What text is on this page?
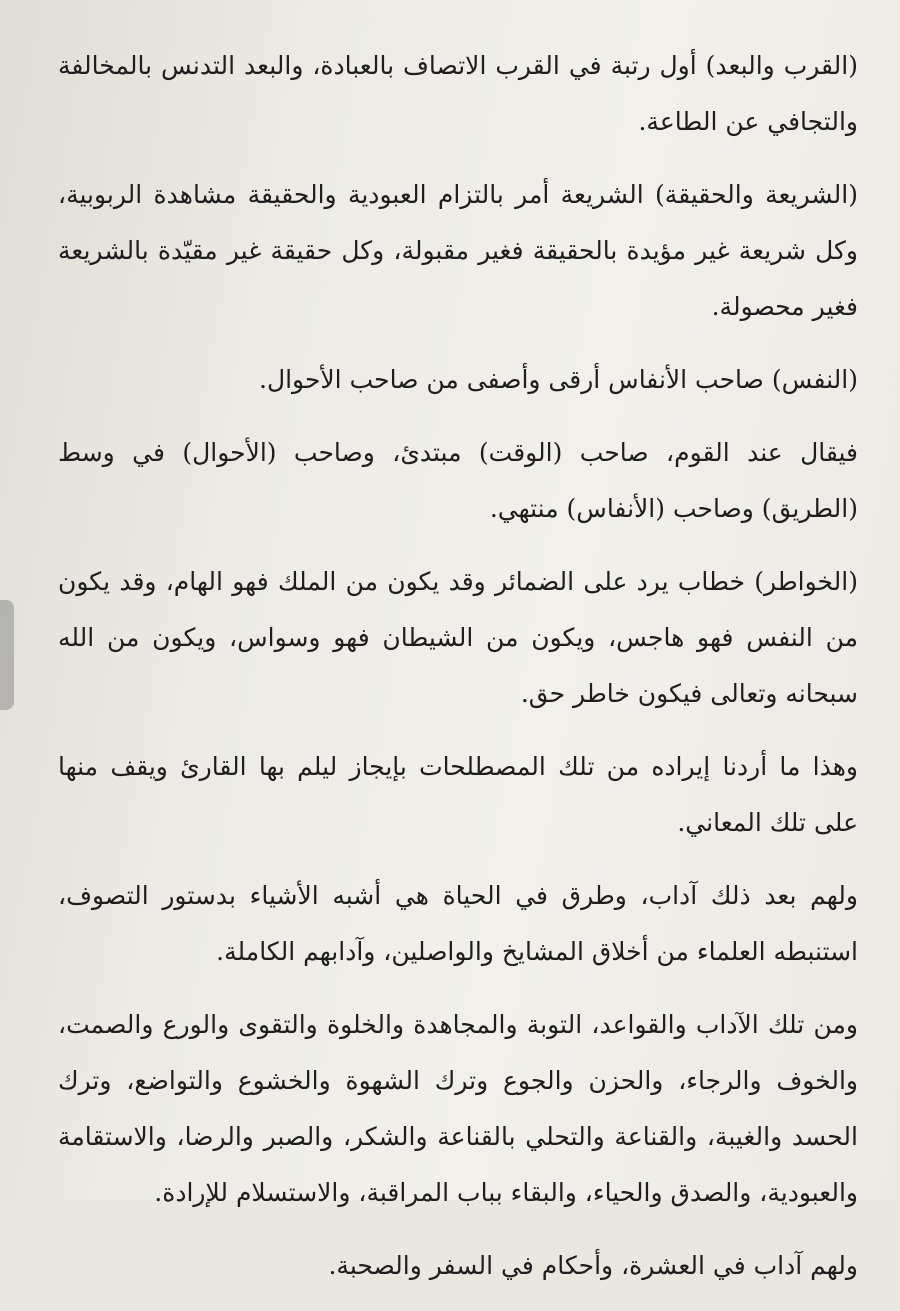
(القرب والبعد) أول رتبة في القرب الاتصاف بالعبادة، والبعد التدنس بالمخالفة والتجافي عن الطاعة.

(الشريعة والحقيقة) الشريعة أمر بالتزام العبودية والحقيقة مشاهدة الربوبية، وكل شريعة غير مؤيدة بالحقيقة فغير مقبولة، وكل حقيقة غير مقيّدة بالشريعة فغير محصولة.

(النفس) صاحب الأنفاس أرقى وأصفى من صاحب الأحوال.

فيقال عند القوم، صاحب (الوقت) مبتدئ، وصاحب (الأحوال) في وسط (الطريق) وصاحب (الأنفاس) منتهي.

(الخواطر) خطاب يرد على الضمائر وقد يكون من الملك فهو الهام، وقد يكون من النفس فهو هاجس، ويكون من الشيطان فهو وسواس، ويكون من الله سبحانه وتعالى فيكون خاطر حق.

وهذا ما أردنا إيراده من تلك المصطلحات بإيجاز ليلم بها القارئ ويقف منها على تلك المعاني.

ولهم بعد ذلك آداب، وطرق في الحياة هي أشبه الأشياء بدستور التصوف، استنبطه العلماء من أخلاق المشايخ والواصلين، وآدابهم الكاملة.

ومن تلك الآداب والقواعد، التوبة والمجاهدة والخلوة والتقوى والورع والصمت، والخوف والرجاء، والحزن والجوع وترك الشهوة والخشوع والتواضع، وترك الحسد والغيبة، والقناعة والتحلي بالقناعة والشكر، والصبر والرضا، والاستقامة والعبودية، والصدق والحياء، والبقاء بباب المراقبة، والاستسلام للإرادة.

ولهم آداب في العشرة، وأحكام في السفر والصحبة.
